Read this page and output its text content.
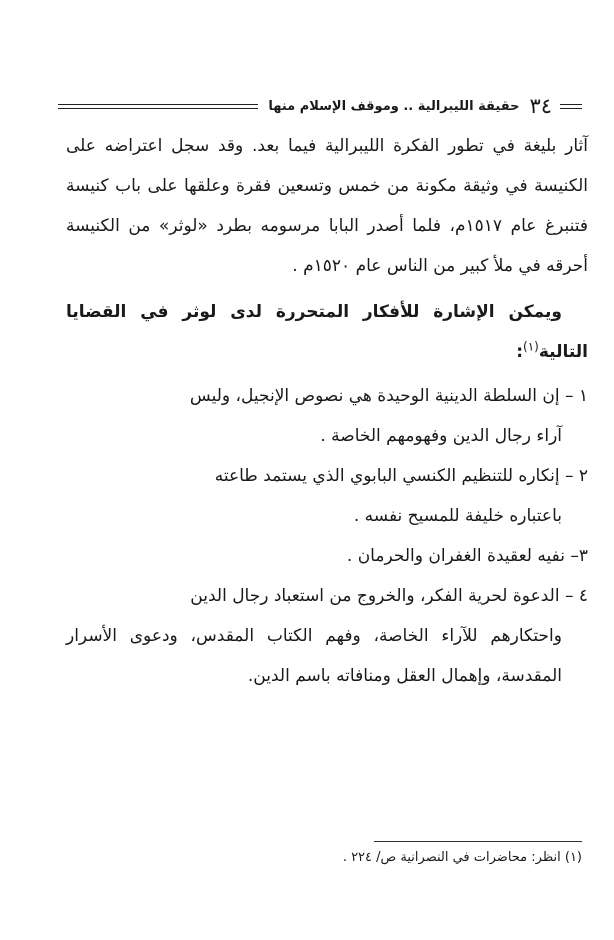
٣٤
حقيقة الليبرالية .. وموقف الإسلام منها

آثار بليغة في تطور الفكرة الليبرالية فيما بعد. وقد سجل اعتراضه على الكنيسة في وثيقة مكونة من خمس وتسعين فقرة وعلقها على باب كنيسة فتنبرغ عام ١٥١٧م، فلما أصدر البابا مرسومه بطرد «لوثر» من الكنيسة أحرقه في ملأ كبير من الناس عام ١٥٢٠م .

ويمكن الإشارة للأفكار المتحررة لدى لوثر في القضايا التالية$^{(١)}$:

١ – إن السلطة الدينية الوحيدة هي نصوص الإنجيل، وليس
آراء رجال الدين وفهومهم الخاصة .

٢ – إنكاره للتنظيم الكنسي البابوي الذي يستمد طاعته
باعتباره خليفة للمسيح نفسه .

٣– نفيه لعقيدة الغفران والحرمان .

٤ – الدعوة لحرية الفكر، والخروج من استعباد رجال الدين
واحتكارهم للآراء الخاصة، وفهم الكتاب المقدس، ودعوى الأسرار المقدسة، وإهمال العقل ومنافاته باسم الدين.

(١) انظر: محاضرات في النصرانية ص/ ٢٢٤ .
